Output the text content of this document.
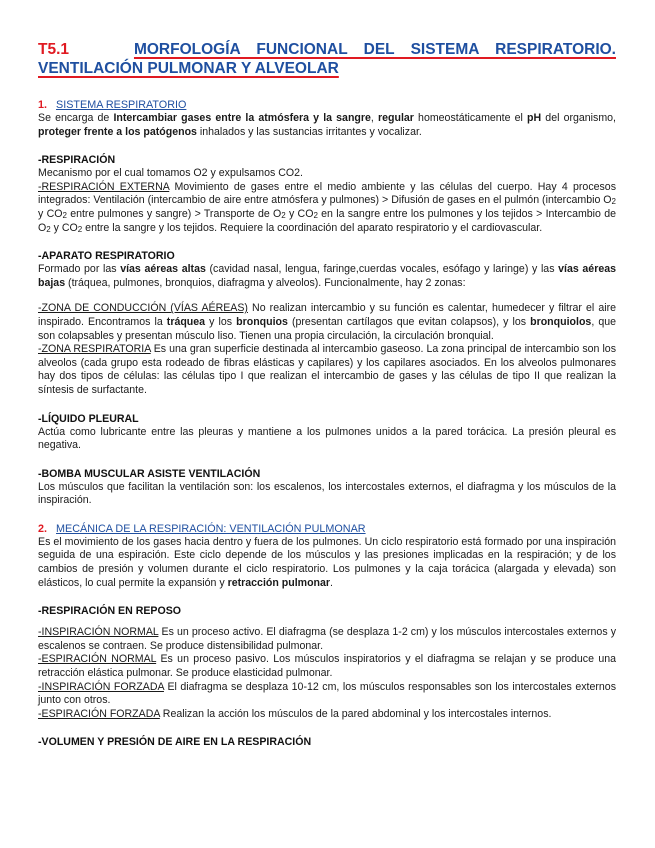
T5.1	MORFOLOGÍA FUNCIONAL DEL SISTEMA RESPIRATORIO. VENTILACIÓN PULMONAR Y ALVEOLAR
1. SISTEMA RESPIRATORIO

Se encarga de Intercambiar gases entre la atmósfera y la sangre, regular homeostáticamente el pH del organismo, proteger frente a los patógenos inhalados y las sustancias irritantes y vocalizar.

-RESPIRACIÓN

Mecanismo por el cual tomamos O2 y expulsamos CO2.

-RESPIRACIÓN EXTERNA Movimiento de gases entre el medio ambiente y las células del cuerpo. Hay 4 procesos integrados: Ventilación (intercambio de aire entre atmósfera y pulmones) > Difusión de gases en el pulmón (intercambio $O_2$ y $CO_2$ entre pulmones y sangre) > Transporte de $O_2$ y $CO_2$ en la sangre entre los pulmones y los tejidos > Intercambio de $O_2$ y $CO_2$ entre la sangre y los tejidos. Requiere la coordinación del aparato respiratorio y el cardiovascular.

-APARATO RESPIRATORIO

Formado por las vías aéreas altas (cavidad nasal, lengua, faringe,cuerdas vocales, esófago y laringe) y las vías aéreas bajas (tráquea, pulmones, bronquios, diafragma y alveolos). Funcionalmente, hay 2 zonas:

-ZONA DE CONDUCCIÓN (VÍAS AÉREAS) No realizan intercambio y su función es calentar, humedecer y filtrar el aire inspirado. Encontramos la tráquea y los bronquios (presentan cartílagos que evitan colapsos), y los bronquiolos, que son colapsables y presentan músculo liso. Tienen una propia circulación, la circulación bronquial.

-ZONA RESPIRATORIA Es una gran superficie destinada al intercambio gaseoso. La zona principal de intercambio son los alveolos (cada grupo esta rodeado de fibras elásticas y capilares) y los capilares asociados. En los alveolos pulmonares hay dos tipos de células: las células tipo I que realizan el intercambio de gases y las células de tipo II que realizan la síntesis de surfactante.

-LÍQUIDO PLEURAL

Actúa como lubricante entre las pleuras y mantiene a los pulmones unidos a la pared torácica. La presión pleural es negativa.

-BOMBA MUSCULAR ASISTE VENTILACIÓN

Los músculos que facilitan la ventilación son: los escalenos, los intercostales externos, el diafragma y los músculos de la inspiración.

2. MECÁNICA DE LA RESPIRACIÓN: VENTILACIÓN PULMONAR

Es el movimiento de los gases hacia dentro y fuera de los pulmones. Un ciclo respiratorio está formado por una inspiración seguida de una espiración. Este ciclo depende de los músculos y las presiones implicadas en la respiración; y de los cambios de presión y volumen durante el ciclo respiratorio. Los pulmones y la caja torácica (alargada y elevada) son elásticos, lo cual permite la expansión y retracción pulmonar.

-RESPIRACIÓN EN REPOSO

-INSPIRACIÓN NORMAL Es un proceso activo. El diafragma (se desplaza 1-2 cm) y los músculos intercostales externos y escalenos se contraen. Se produce distensibilidad pulmonar.

-ESPIRACIÓN NORMAL Es un proceso pasivo. Los músculos inspiratorios y el diafragma se relajan y se produce una retracción elástica pulmonar. Se produce elasticidad pulmonar.

-INSPIRACIÓN FORZADA El diafragma se desplaza 10-12 cm, los músculos responsables son los intercostales externos junto con otros.

-ESPIRACIÓN FORZADA Realizan la acción los músculos de la pared abdominal y los intercostales internos.

-VOLUMEN Y PRESIÓN DE AIRE EN LA RESPIRACIÓN
